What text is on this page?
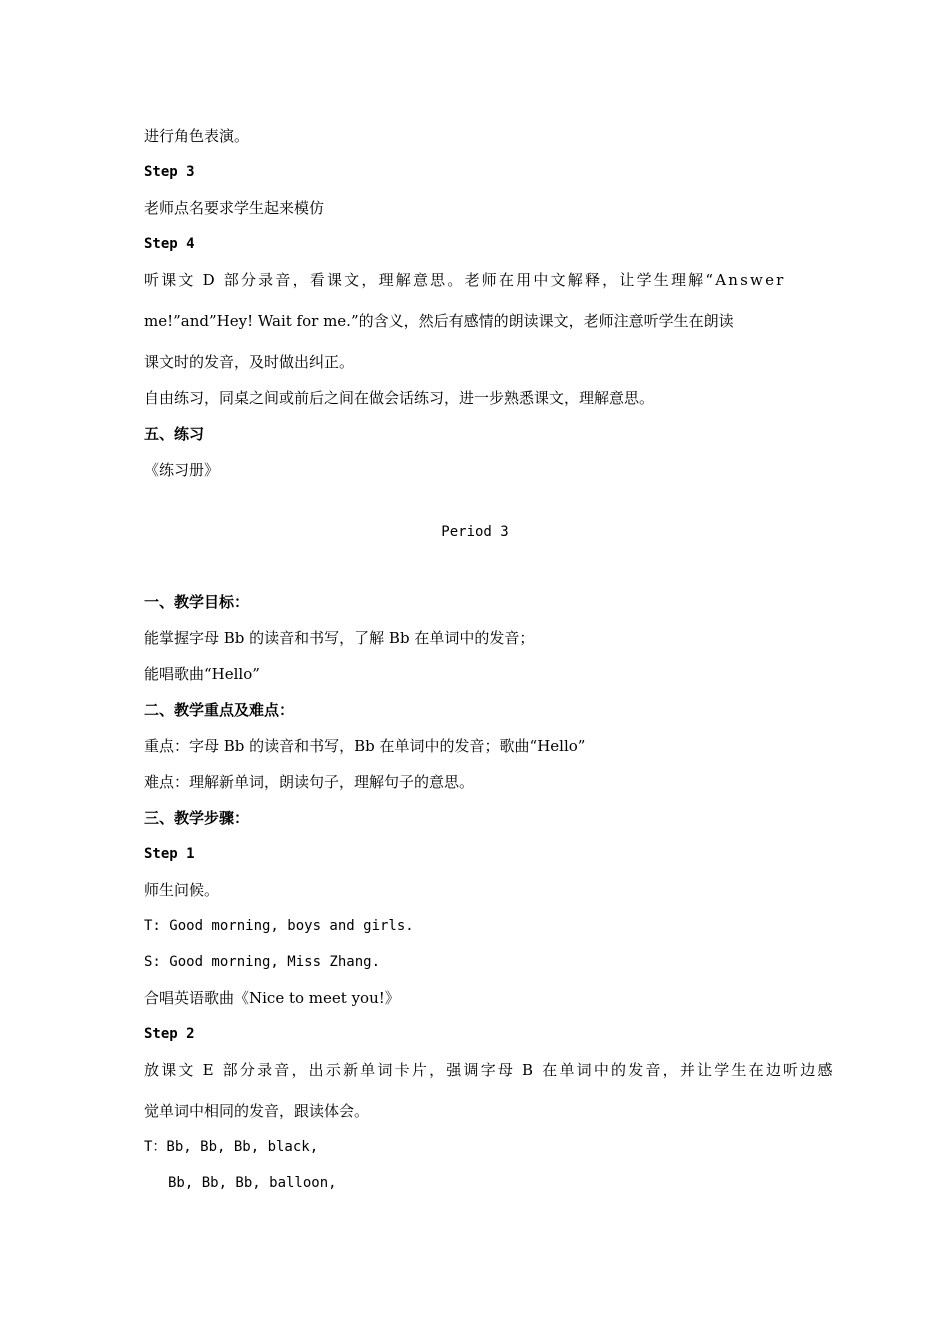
进行角色表演。
Step 3
老师点名要求学生起来模仿
Step 4
听课文 D 部分录音，看课文，理解意思。老师在用中文解释，让学生理解“Answer
me!”and”Hey! Wait for me.”的含义，然后有感情的朗读课文，老师注意听学生在朗读
课文时的发音，及时做出纠正。
自由练习，同桌之间或前后之间在做会话练习，进一步熟悉课文，理解意思。
五、练习
《练习册》
Period 3
一、教学目标：
能掌握字母 Bb 的读音和书写，了解 Bb 在单词中的发音；
能唱歌曲“Hello”
二、教学重点及难点：
重点：字母 Bb 的读音和书写，Bb 在单词中的发音；歌曲“Hello”
难点：理解新单词，朗读句子，理解句子的意思。
三、教学步骤：
Step 1
师生问候。
T: Good morning, boys and girls.
S: Good morning, Miss Zhang.
合唱英语歌曲《Nice to meet you!》
Step 2
放课文 E 部分录音，出示新单词卡片，强调字母 B 在单词中的发音，并让学生在边听边感
觉单词中相同的发音，跟读体会。
T：Bb, Bb, Bb, black,
Bb, Bb, Bb, balloon,
